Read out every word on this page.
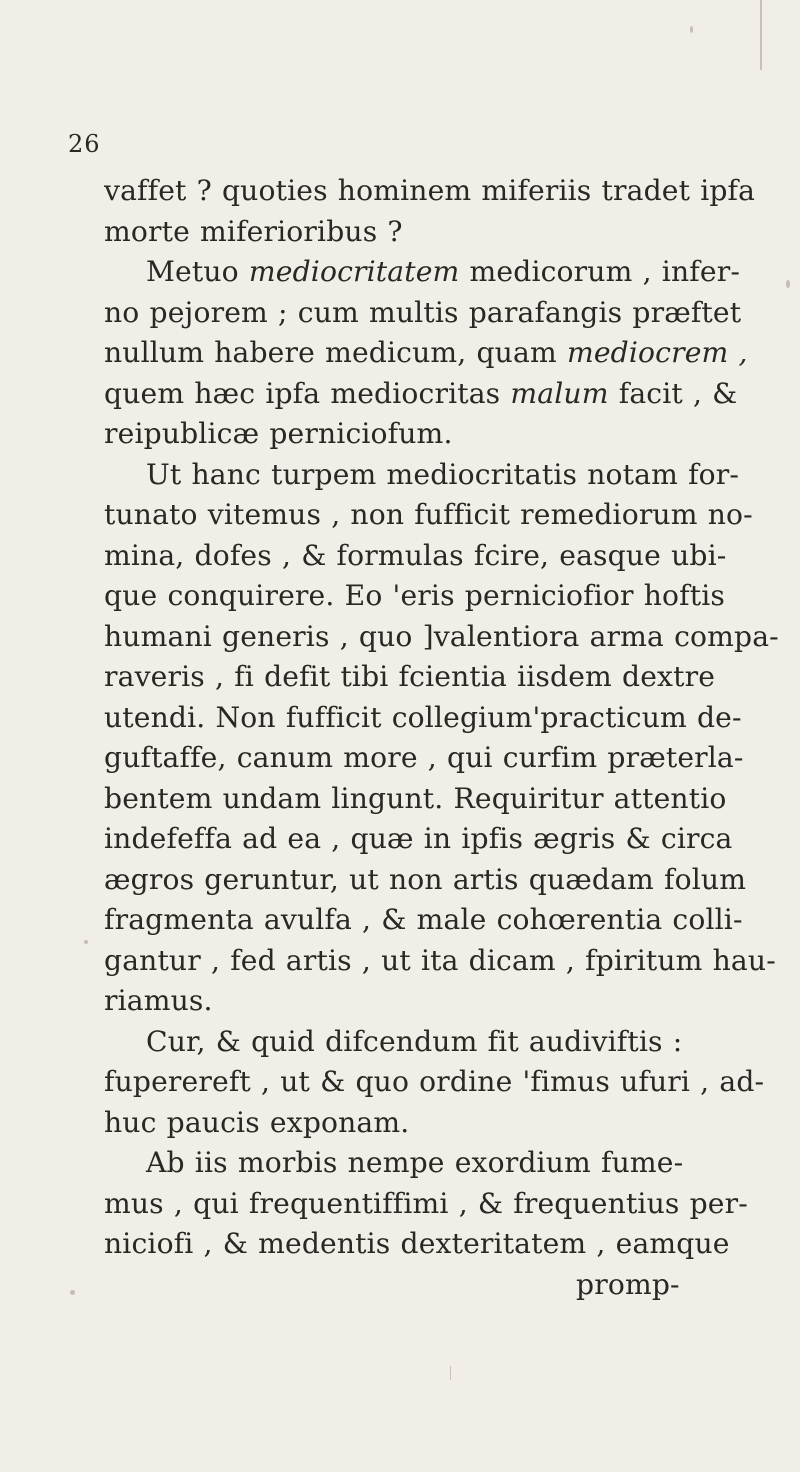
26
vaffet ? quoties hominem miferiis tradet ipfa
morte miferioribus ?
Metuo mediocritatem medicorum , infer-
no pejorem ; cum multis parafangis præftet
nullum habere medicum, quam mediocrem ,
quem hæc ipfa mediocritas malum facit , &
reipublicæ perniciofum.
Ut hanc turpem mediocritatis notam for-
tunato vitemus , non fufficit remediorum no-
mina, dofes , & formulas fcire, easque ubi-
que conquirere. Eo 'eris perniciofior hoftis
humani generis , quo ]valentiora arma compa-
raveris , fi defit tibi fcientia iisdem dextre
utendi. Non fufficit collegium'practicum de-
guftaffe, canum more , qui curfim præterla-
bentem undam lingunt. Requiritur attentio
indefeffa ad ea , quæ in ipfis ægris & circa
ægros geruntur, ut non artis quædam folum
fragmenta avulfa , & male cohœrentia colli-
gantur , fed artis , ut ita dicam , fpiritum hau-
riamus.
Cur, & quid difcendum fit audiviftis :
fuperereft , ut & quo ordine 'fimus ufuri , ad-
huc paucis exponam.
Ab iis morbis nempe exordium fume-
mus , qui frequentiffimi , & frequentius per-
niciofi , & medentis dexteritatem , eamque
promp-
